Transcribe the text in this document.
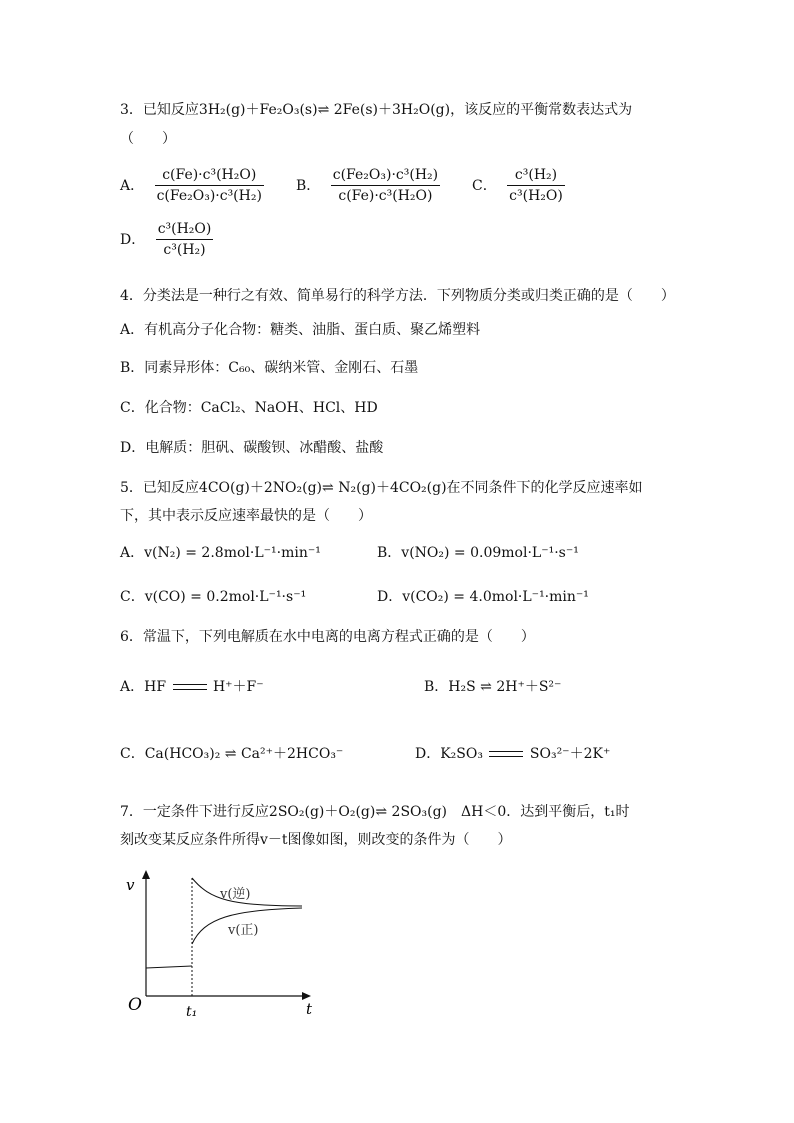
3．已知反应3H₂(g)＋Fe₂O₃(s)⇌ 2Fe(s)＋3H₂O(g)，该反应的平衡常数表达式为
（　　）
A． $\frac{\text{c(Fe)·c³(H₂O)}}{\text{c(Fe₂O₃)·c³(H₂)}}$ B． $\frac{\text{c(Fe₂O₃)·c³(H₂)}}{\text{c(Fe)·c³(H₂O)}}$ C． $\frac{\text{c³(H₂)}}{\text{c³(H₂O)}}$
D． $\frac{\text{c³(H₂O)}}{\text{c³(H₂)}}$
4．分类法是一种行之有效、简单易行的科学方法．下列物质分类或归类正确的是（　　）
A．有机高分子化合物：糖类、油脂、蛋白质、聚乙烯塑料
B．同素异形体：C₆₀、碳纳米管、金刚石、石墨
C．化合物：CaCl₂、NaOH、HCl、HD
D．电解质：胆矾、碳酸钡、冰醋酸、盐酸
5．已知反应4CO(g)＋2NO₂(g)⇌ N₂(g)＋4CO₂(g)在不同条件下的化学反应速率如
下，其中表示反应速率最快的是（　　）
A．v(N₂) = 2.8mol·L⁻¹·min⁻¹	B．v(NO₂) = 0.09mol·L⁻¹·s⁻¹
C．v(CO) = 0.2mol·L⁻¹·s⁻¹	D．v(CO₂) = 4.0mol·L⁻¹·min⁻¹
6．常温下，下列电解质在水中电离的电离方程式正确的是（　　）
A．HF	H⁺＋F⁻	B．H₂S ⇌ 2H⁺＋S²⁻
C．Ca(HCO₃)₂ ⇌ Ca²⁺＋2HCO₃⁻	D．K₂SO₃	SO₃²⁻＋2K⁺
7．一定条件下进行反应2SO₂(g)＋O₂(g)⇌ 2SO₃(g)　ΔH＜0．达到平衡后，t₁时
刻改变某反应条件所得v－t图像如图，则改变的条件为（　　）
v
t
O	t₁
v(逆)
v(正)
